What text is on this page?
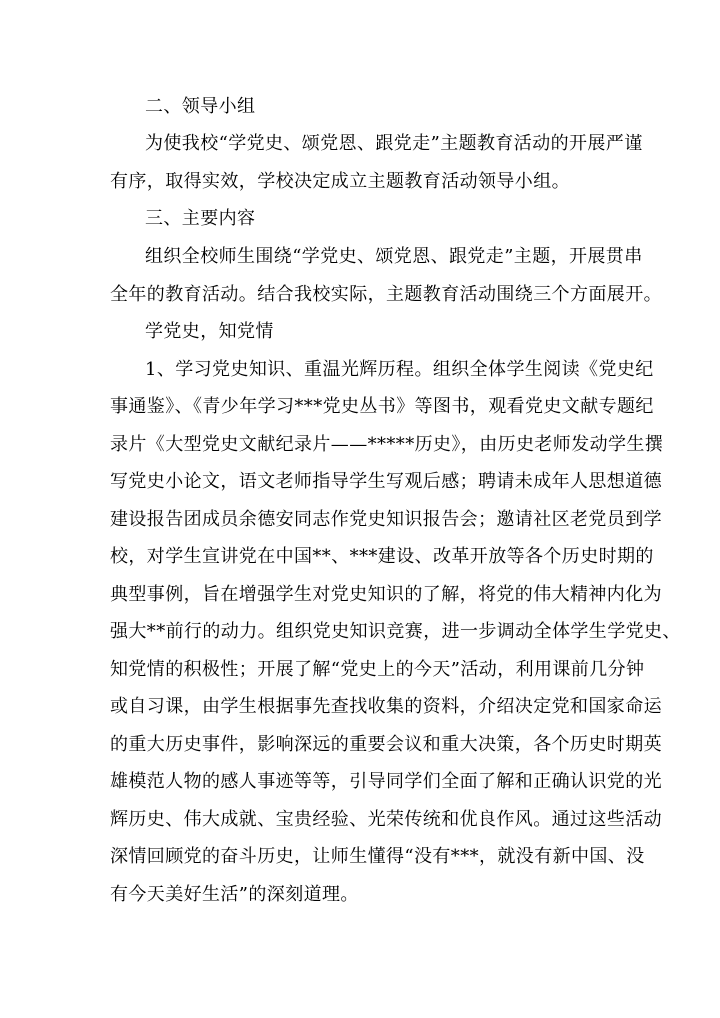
二、领导小组
为使我校“学党史、颂党恩、跟党走”主题教育活动的开展严谨
有序，取得实效，学校决定成立主题教育活动领导小组。
三、主要内容
组织全校师生围绕“学党史、颂党恩、跟党走”主题，开展贯串
全年的教育活动。结合我校实际，主题教育活动围绕三个方面展开。
学党史，知党情
1、学习党史知识、重温光辉历程。组织全体学生阅读《党史纪
事通鉴》、《青少年学习***党史丛书》等图书，观看党史文献专题纪
录片《大型党史文献纪录片——*****历史》，由历史老师发动学生撰
写党史小论文，语文老师指导学生写观后感；聘请未成年人思想道德
建设报告团成员余德安同志作党史知识报告会；邀请社区老党员到学
校，对学生宣讲党在中国**、***建设、改革开放等各个历史时期的
典型事例，旨在增强学生对党史知识的了解，将党的伟大精神内化为
强大**前行的动力。组织党史知识竞赛，进一步调动全体学生学党史、
知党情的积极性；开展了解“党史上的今天”活动，利用课前几分钟
或自习课，由学生根据事先查找收集的资料，介绍决定党和国家命运
的重大历史事件，影响深远的重要会议和重大决策，各个历史时期英
雄模范人物的感人事迹等等，引导同学们全面了解和正确认识党的光
辉历史、伟大成就、宝贵经验、光荣传统和优良作风。通过这些活动
深情回顾党的奋斗历史，让师生懂得“没有***，就没有新中国、没
有今天美好生活”的深刻道理。
